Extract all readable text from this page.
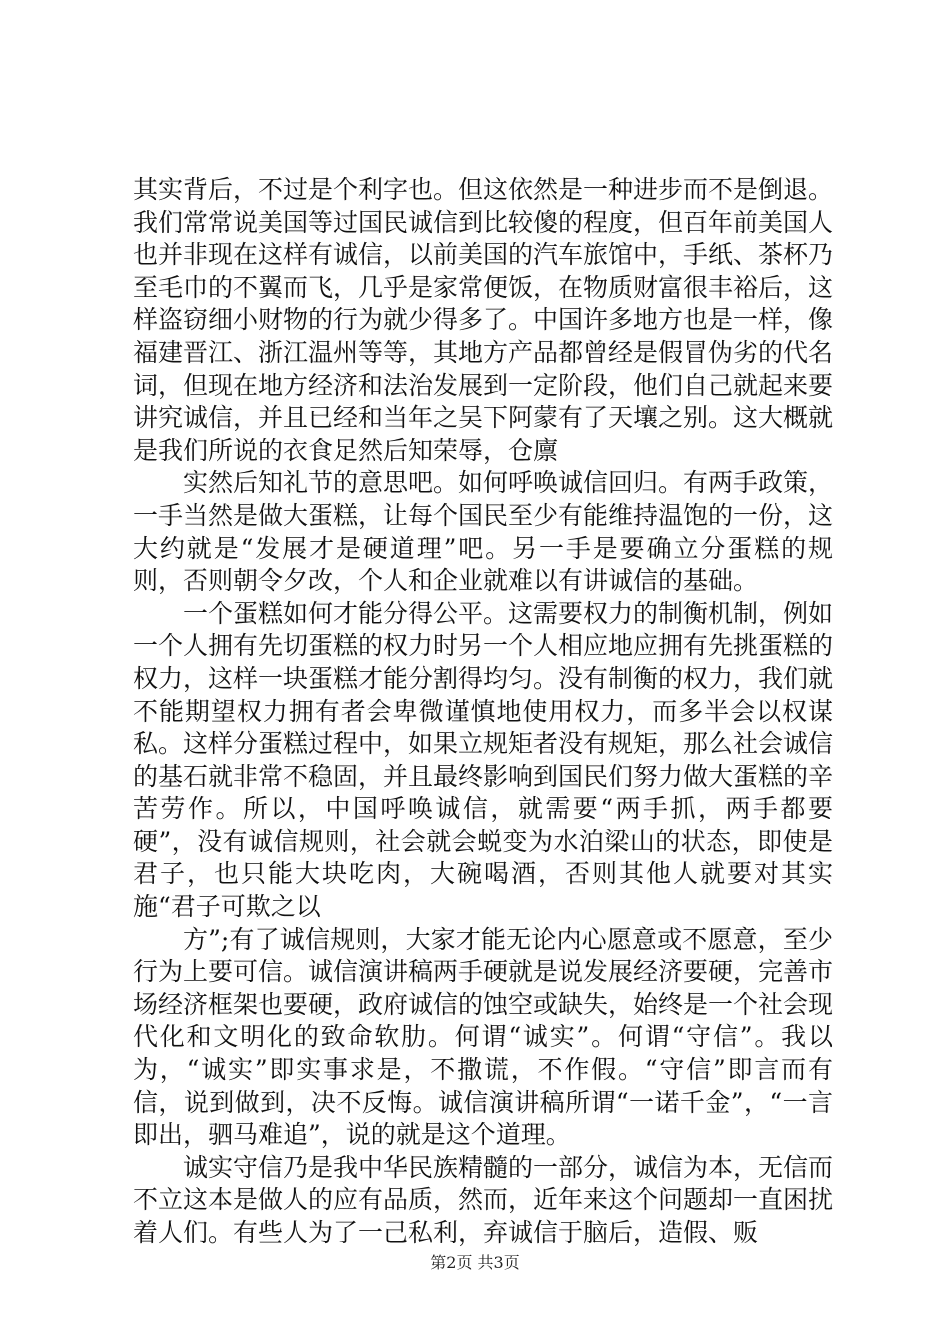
其实背后，不过是个利字也。但这依然是一种进步而不是倒退。我们常常说美国等过国民诚信到比较傻的程度，但百年前美国人也并非现在这样有诚信，以前美国的汽车旅馆中，手纸、茶杯乃至毛巾的不翼而飞，几乎是家常便饭，在物质财富很丰裕后，这样盗窃细小财物的行为就少得多了。中国许多地方也是一样，像福建晋江、浙江温州等等，其地方产品都曾经是假冒伪劣的代名词，但现在地方经济和法治发展到一定阶段，他们自己就起来要讲究诚信，并且已经和当年之吴下阿蒙有了天壤之别。这大概就是我们所说的衣食足然后知荣辱，仓廪

实然后知礼节的意思吧。如何呼唤诚信回归。有两手政策，一手当然是做大蛋糕，让每个国民至少有能维持温饱的一份，这大约就是“发展才是硬道理”吧。另一手是要确立分蛋糕的规则，否则朝令夕改，个人和企业就难以有讲诚信的基础。

一个蛋糕如何才能分得公平。这需要权力的制衡机制，例如一个人拥有先切蛋糕的权力时另一个人相应地应拥有先挑蛋糕的权力，这样一块蛋糕才能分割得均匀。没有制衡的权力，我们就不能期望权力拥有者会卑微谨慎地使用权力，而多半会以权谋私。这样分蛋糕过程中，如果立规矩者没有规矩，那么社会诚信的基石就非常不稳固，并且最终影响到国民们努力做大蛋糕的辛苦劳作。所以，中国呼唤诚信，就需要“两手抓，两手都要硬”，没有诚信规则，社会就会蜕变为水泊梁山的状态，即使是君子，也只能大块吃肉，大碗喝酒，否则其他人就要对其实施“君子可欺之以

方”;有了诚信规则，大家才能无论内心愿意或不愿意，至少行为上要可信。诚信演讲稿两手硬就是说发展经济要硬，完善市场经济框架也要硬，政府诚信的蚀空或缺失，始终是一个社会现代化和文明化的致命软肋。何谓“诚实”。何谓“守信”。我以为，“诚实”即实事求是，不撒谎，不作假。“守信”即言而有信，说到做到，决不反悔。诚信演讲稿所谓“一诺千金”，“一言即出，驷马难追”，说的就是这个道理。

诚实守信乃是我中华民族精髓的一部分，诚信为本，无信而不立这本是做人的应有品质，然而，近年来这个问题却一直困扰着人们。有些人为了一己私利，弃诚信于脑后，造假、贩

第2页 共3页
